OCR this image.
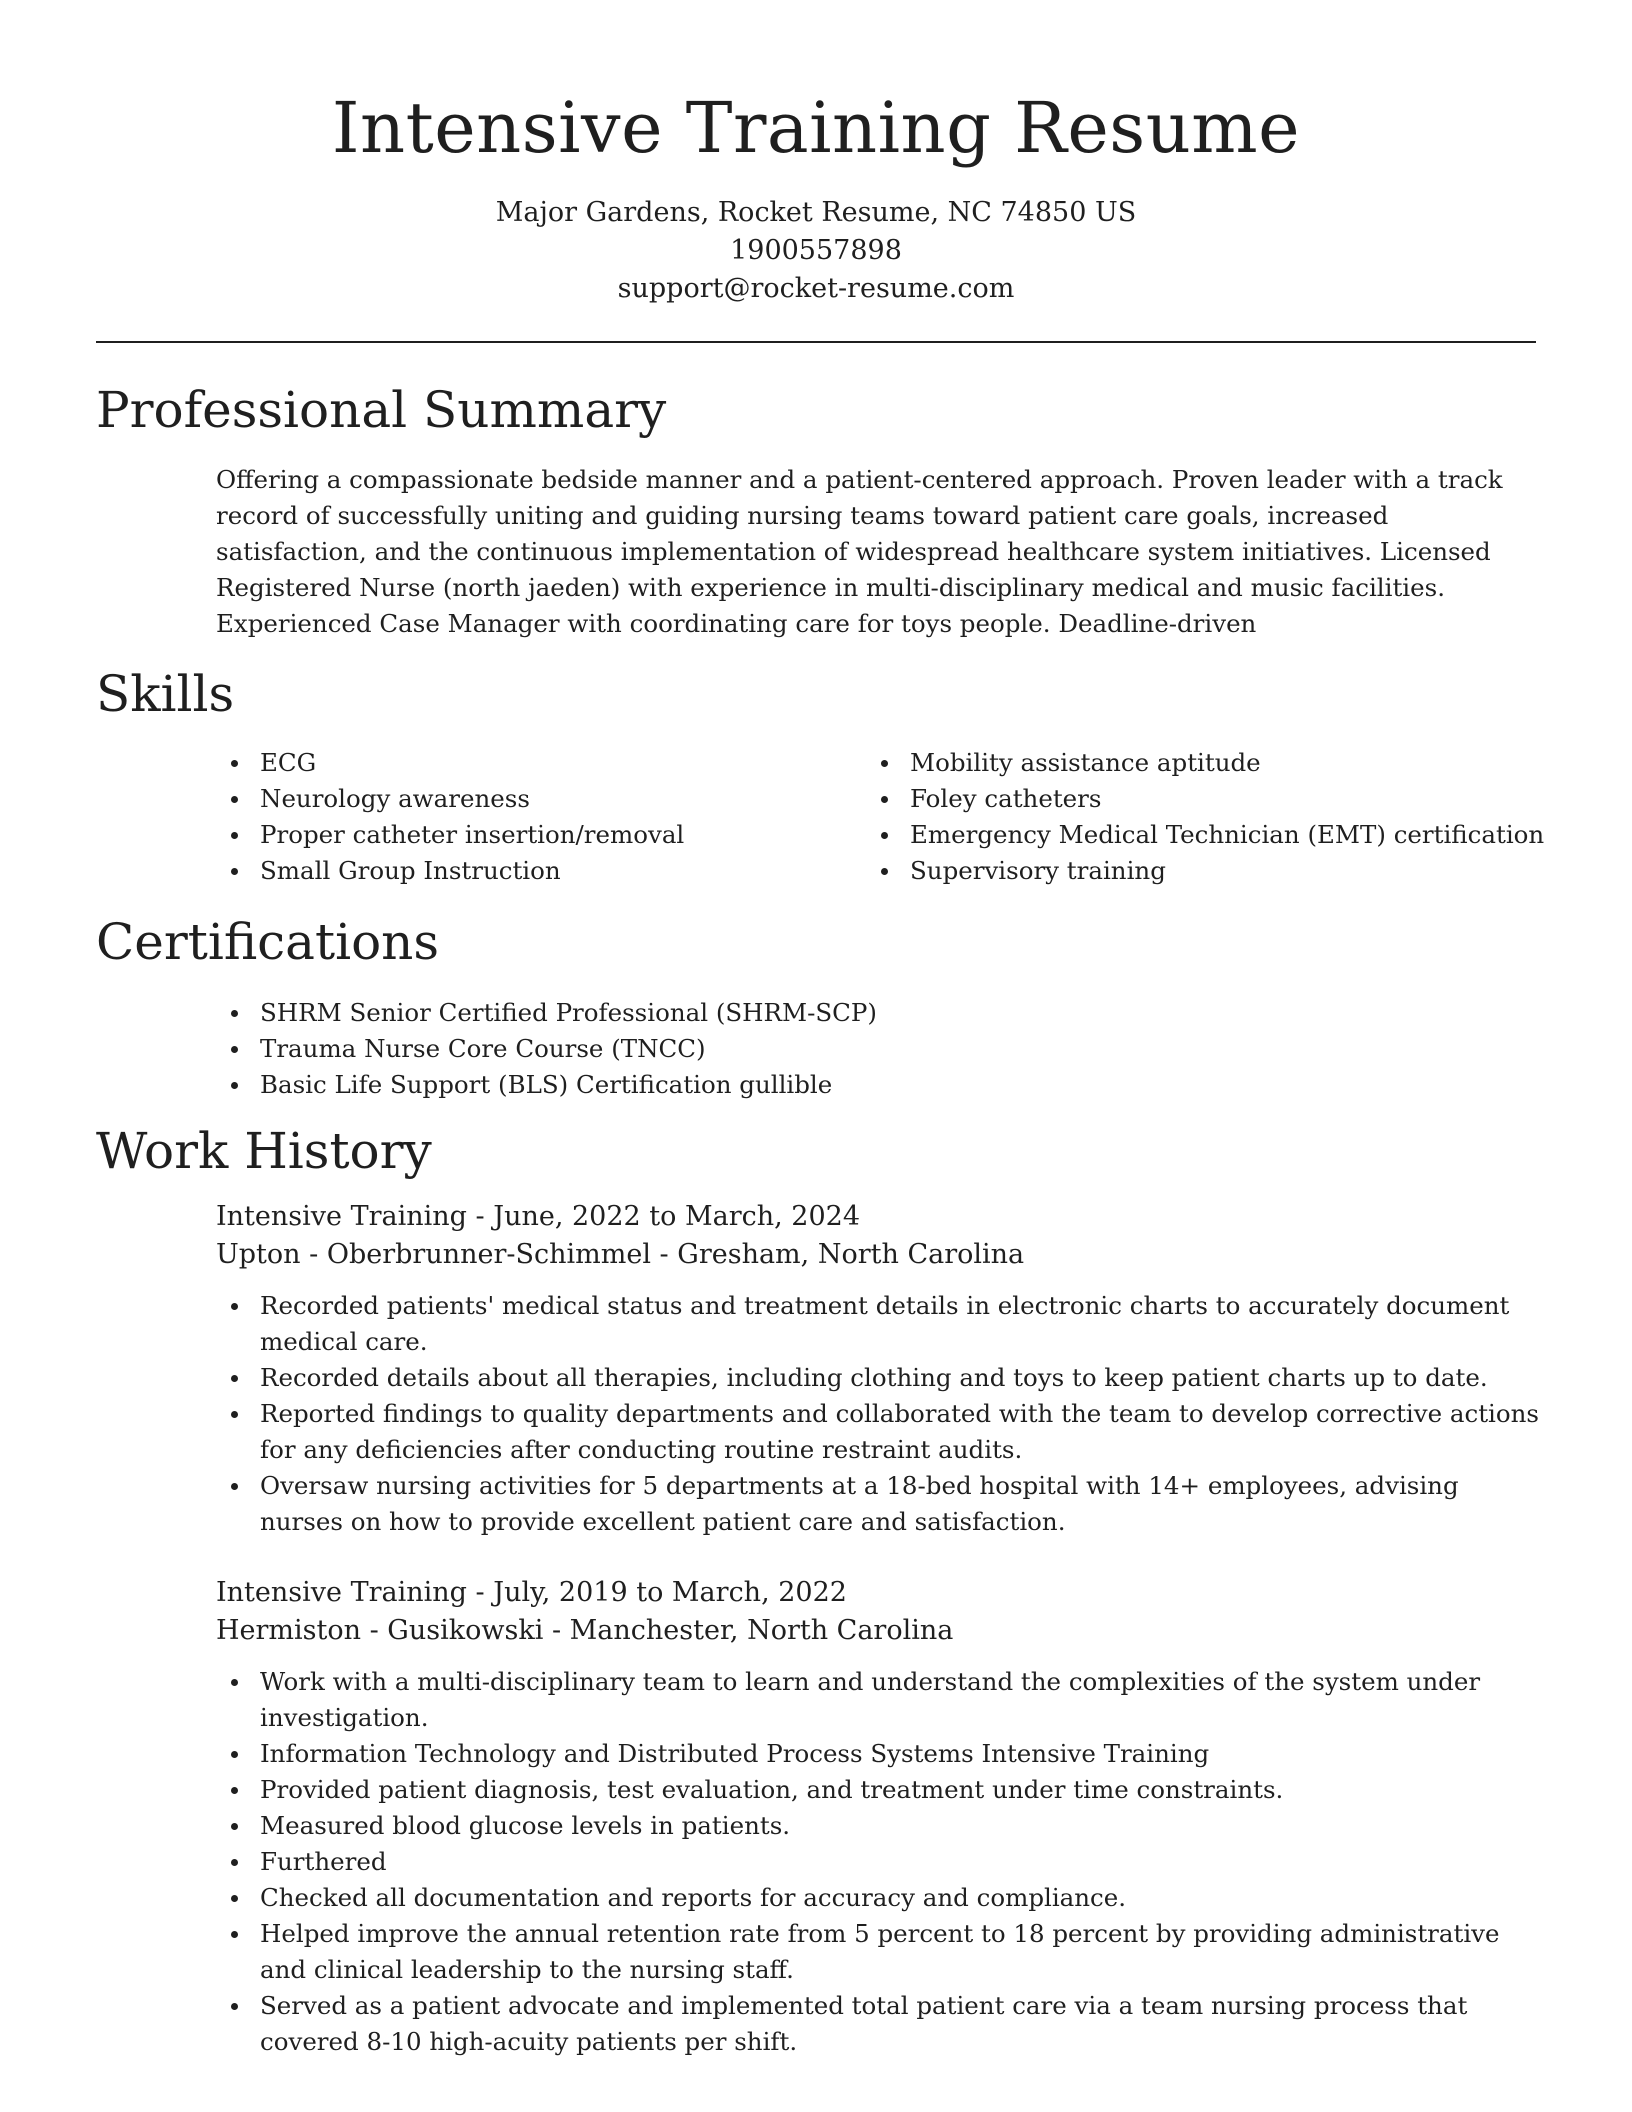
Intensive Training Resume
Major Gardens, Rocket Resume, NC 74850 US
1900557898
support@rocket-resume.com
Professional Summary
Offering a compassionate bedside manner and a patient-centered approach. Proven leader with a track record of successfully uniting and guiding nursing teams toward patient care goals, increased satisfaction, and the continuous implementation of widespread healthcare system initiatives. Licensed Registered Nurse (north jaeden) with experience in multi-disciplinary medical and music facilities. Experienced Case Manager with coordinating care for toys people. Deadline-driven
Skills
ECG
Neurology awareness
Proper catheter insertion/removal
Small Group Instruction
Mobility assistance aptitude
Foley catheters
Emergency Medical Technician (EMT) certification
Supervisory training
Certifications
SHRM Senior Certified Professional (SHRM-SCP)
Trauma Nurse Core Course (TNCC)
Basic Life Support (BLS) Certification gullible
Work History
Intensive Training - June, 2022 to March, 2024
Upton - Oberbrunner-Schimmel - Gresham, North Carolina
Recorded patients' medical status and treatment details in electronic charts to accurately document medical care.
Recorded details about all therapies, including clothing and toys to keep patient charts up to date.
Reported findings to quality departments and collaborated with the team to develop corrective actions for any deficiencies after conducting routine restraint audits.
Oversaw nursing activities for 5 departments at a 18-bed hospital with 14+ employees, advising nurses on how to provide excellent patient care and satisfaction.
Intensive Training - July, 2019 to March, 2022
Hermiston - Gusikowski - Manchester, North Carolina
Work with a multi-disciplinary team to learn and understand the complexities of the system under investigation.
Information Technology and Distributed Process Systems Intensive Training
Provided patient diagnosis, test evaluation, and treatment under time constraints.
Measured blood glucose levels in patients.
Furthered
Checked all documentation and reports for accuracy and compliance.
Helped improve the annual retention rate from 5 percent to 18 percent by providing administrative and clinical leadership to the nursing staff.
Served as a patient advocate and implemented total patient care via a team nursing process that covered 8-10 high-acuity patients per shift.
